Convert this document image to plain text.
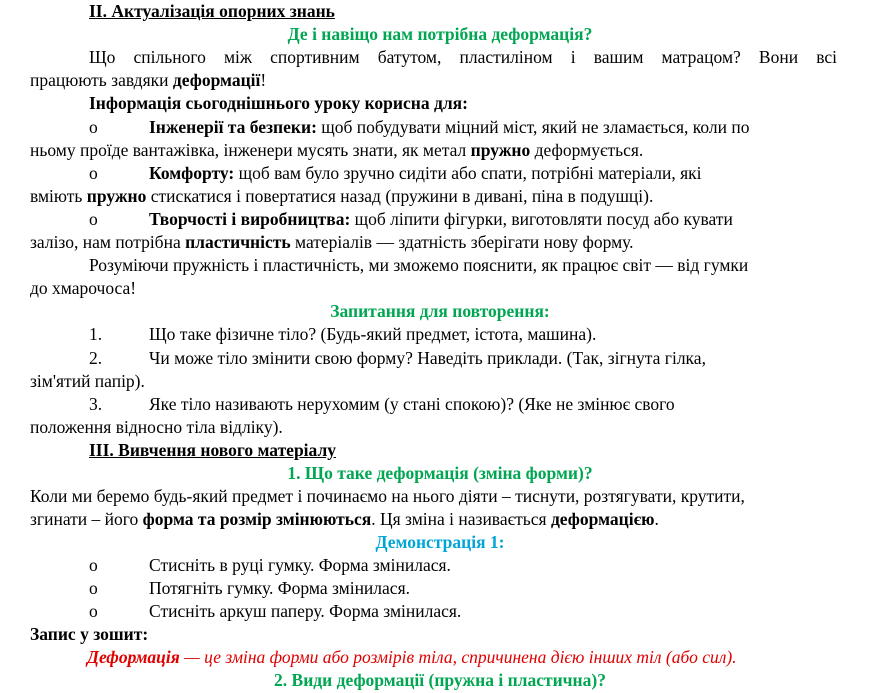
ІІ. Актуалізація опорних знань
Де і навіщо нам потрібна деформація?
Що спільного між спортивним батутом, пластиліном і вашим матрацом? Вони всі
працюють завдяки деформації!
Інформація сьогоднішнього уроку корисна для:
o	Інженерії та безпеки: щоб побудувати міцний міст, який не зламається, коли по
ньому проїде вантажівка, інженери мусять знати, як метал пружно деформується.
o	Комфорту: щоб вам було зручно сидіти або спати, потрібні матеріали, які
вміють пружно стискатися і повертатися назад (пружини в дивані, піна в подушці).
o	Творчості і виробництва: щоб ліпити фігурки, виготовляти посуд або кувати
залізо, нам потрібна пластичність матеріалів — здатність зберігати нову форму.
Розуміючи пружність і пластичність, ми зможемо пояснити, як працює світ — від гумки
до хмарочоса!
Запитання для повторення:
1.	Що таке фізичне тіло? (Будь-який предмет, істота, машина).
2.	Чи може тіло змінити свою форму? Наведіть приклади. (Так, зігнута гілка,
зім'ятий папір).
3.	Яке тіло називають нерухомим (у стані спокою)? (Яке не змінює свого
положення відносно тіла відліку).
ІІІ. Вивчення нового матеріалу
1. Що таке деформація (зміна форми)?
Коли ми беремо будь-який предмет і починаємо на нього діяти – тиснути, розтягувати, крутити,
згинати – його форма та розмір змінюються. Ця зміна і називається деформацією.
Демонстрація 1:
o	Стисніть в руці гумку. Форма змінилася.
o	Потягніть гумку. Форма змінилася.
o	Стисніть аркуш паперу. Форма змінилася.
Запис у зошит:
Деформація — це зміна форми або розмірів тіла, спричинена дією інших тіл (або сил).
2. Види деформації (пружна і пластична)?
